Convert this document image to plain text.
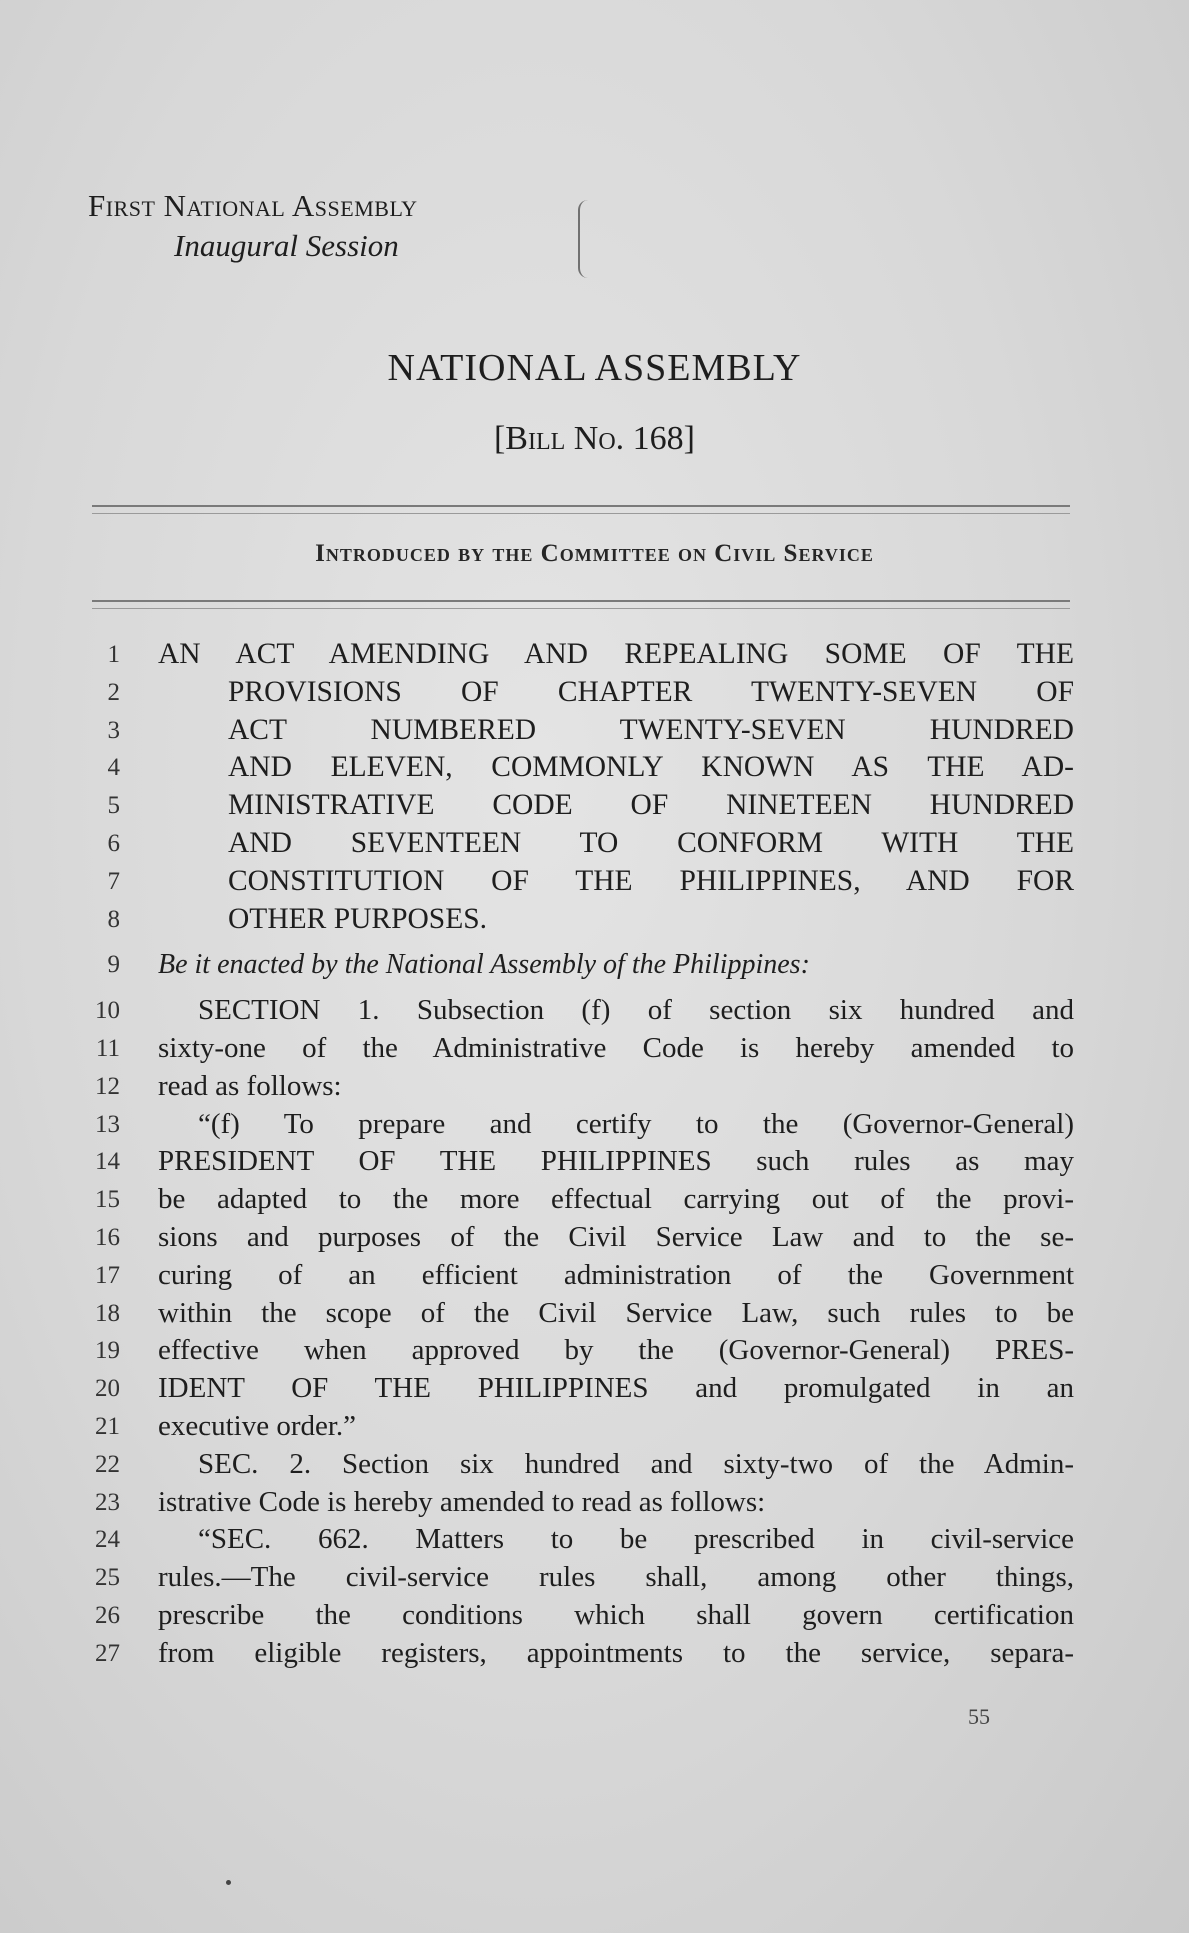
First National Assembly
Inaugural Session
NATIONAL ASSEMBLY
[Bill No. 168]
Introduced by the Committee on Civil Service
1 AN ACT AMENDING AND REPEALING SOME OF THE
2	PROVISIONS OF CHAPTER TWENTY-SEVEN OF
3	ACT NUMBERED TWENTY-SEVEN HUNDRED
4	AND ELEVEN, COMMONLY KNOWN AS THE AD-
5	MINISTRATIVE CODE OF NINETEEN HUNDRED
6	AND SEVENTEEN TO CONFORM WITH THE
7	CONSTITUTION OF THE PHILIPPINES, AND FOR
8	OTHER PURPOSES.
9 Be it enacted by the National Assembly of the Philippines:
10	SECTION 1. Subsection (f) of section six hundred and
11 sixty-one of the Administrative Code is hereby amended to
12 read as follows:
13	“(f) To prepare and certify to the (Governor-General)
14 PRESIDENT OF THE PHILIPPINES such rules as may
15 be adapted to the more effectual carrying out of the provi-
16 sions and purposes of the Civil Service Law and to the se-
17 curing of an efficient administration of the Government
18 within the scope of the Civil Service Law, such rules to be
19 effective when approved by the (Governor-General) PRES-
20 IDENT OF THE PHILIPPINES and promulgated in an
21 executive order.”
22	SEC. 2. Section six hundred and sixty-two of the Admin-
23 istrative Code is hereby amended to read as follows:
24	“SEC. 662. Matters to be prescribed in civil-service
25 rules.—The civil-service rules shall, among other things,
26 prescribe the conditions which shall govern certification
27 from eligible registers, appointments to the service, separa-
55
